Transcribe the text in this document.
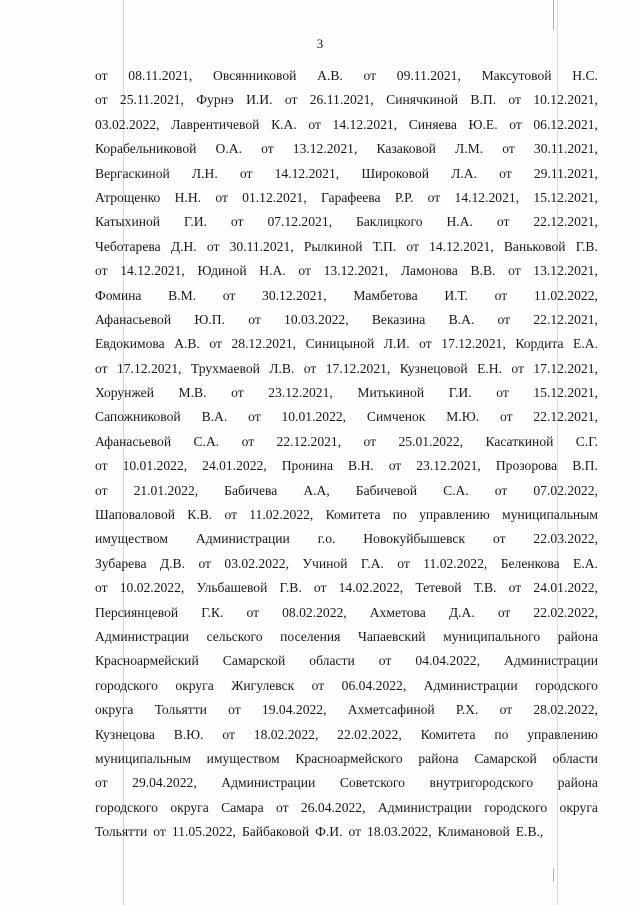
3
от 08.11.2021, Овсянниковой А.В. от 09.11.2021, Максутовой Н.С.
от 25.11.2021, Фурнэ И.И. от 26.11.2021, Синячкиной В.П. от 10.12.2021,
03.02.2022, Лаврентичевой К.А. от 14.12.2021, Синяева Ю.Е. от 06.12.2021,
Корабельниковой О.А. от 13.12.2021, Казаковой Л.М. от 30.11.2021,
Вергаскиной Л.Н. от 14.12.2021, Широковой Л.А. от 29.11.2021,
Атрощенко Н.Н. от 01.12.2021, Гарафеева Р.Р. от 14.12.2021, 15.12.2021,
Катыхиной Г.И. от 07.12.2021, Баклицкого Н.А. от 22.12.2021,
Чеботарева Д.Н. от 30.11.2021, Рылкиной Т.П. от 14.12.2021, Ваньковой Г.В.
от 14.12.2021, Юдиной Н.А. от 13.12.2021, Ламонова В.В. от 13.12.2021,
Фомина В.М. от 30.12.2021, Мамбетова И.Т. от 11.02.2022,
Афанасьевой Ю.П. от 10.03.2022, Веказина В.А. от 22.12.2021,
Евдокимова А.В. от 28.12.2021, Синицыной Л.И. от 17.12.2021, Кордита Е.А.
от 17.12.2021, Трухмаевой Л.В. от 17.12.2021, Кузнецовой Е.Н. от 17.12.2021,
Хорунжей М.В. от 23.12.2021, Митькиной Г.И. от 15.12.2021,
Сапожниковой В.А. от 10.01.2022, Симченок М.Ю. от 22.12.2021,
Афанасьевой С.А. от 22.12.2021, от 25.01.2022, Касаткиной С.Г.
от 10.01.2022, 24.01.2022, Пронина В.Н. от 23.12.2021, Прозорова В.П.
от 21.01.2022, Бабичева А.А, Бабичевой С.А. от 07.02.2022,
Шаповаловой К.В. от 11.02.2022, Комитета по управлению муниципальным
имуществом Администрации г.о. Новокуйбышевск от 22.03.2022,
Зубарева Д.В. от 03.02.2022, Учиной Г.А. от 11.02.2022, Беленкова Е.А.
от 10.02.2022, Ульбашевой Г.В. от 14.02.2022, Тетевой Т.В. от 24.01.2022,
Персиянцевой Г.К. от 08.02.2022, Ахметова Д.А. от 22.02.2022,
Администрации сельского поселения Чапаевский муниципального района
Красноармейский Самарской области от 04.04.2022, Администрации
городского округа Жигулевск от 06.04.2022, Администрации городского
округа Тольятти от 19.04.2022, Ахметсафиной Р.Х. от 28.02.2022,
Кузнецова В.Ю. от 18.02.2022, 22.02.2022, Комитета по управлению
муниципальным имуществом Красноармейского района Самарской области
от 29.04.2022, Администрации Советского внутригородского района
городского округа Самара от 26.04.2022, Администрации городского округа
Тольятти от 11.05.2022, Байбаковой Ф.И. от 18.03.2022, Климановой Е.В.,
